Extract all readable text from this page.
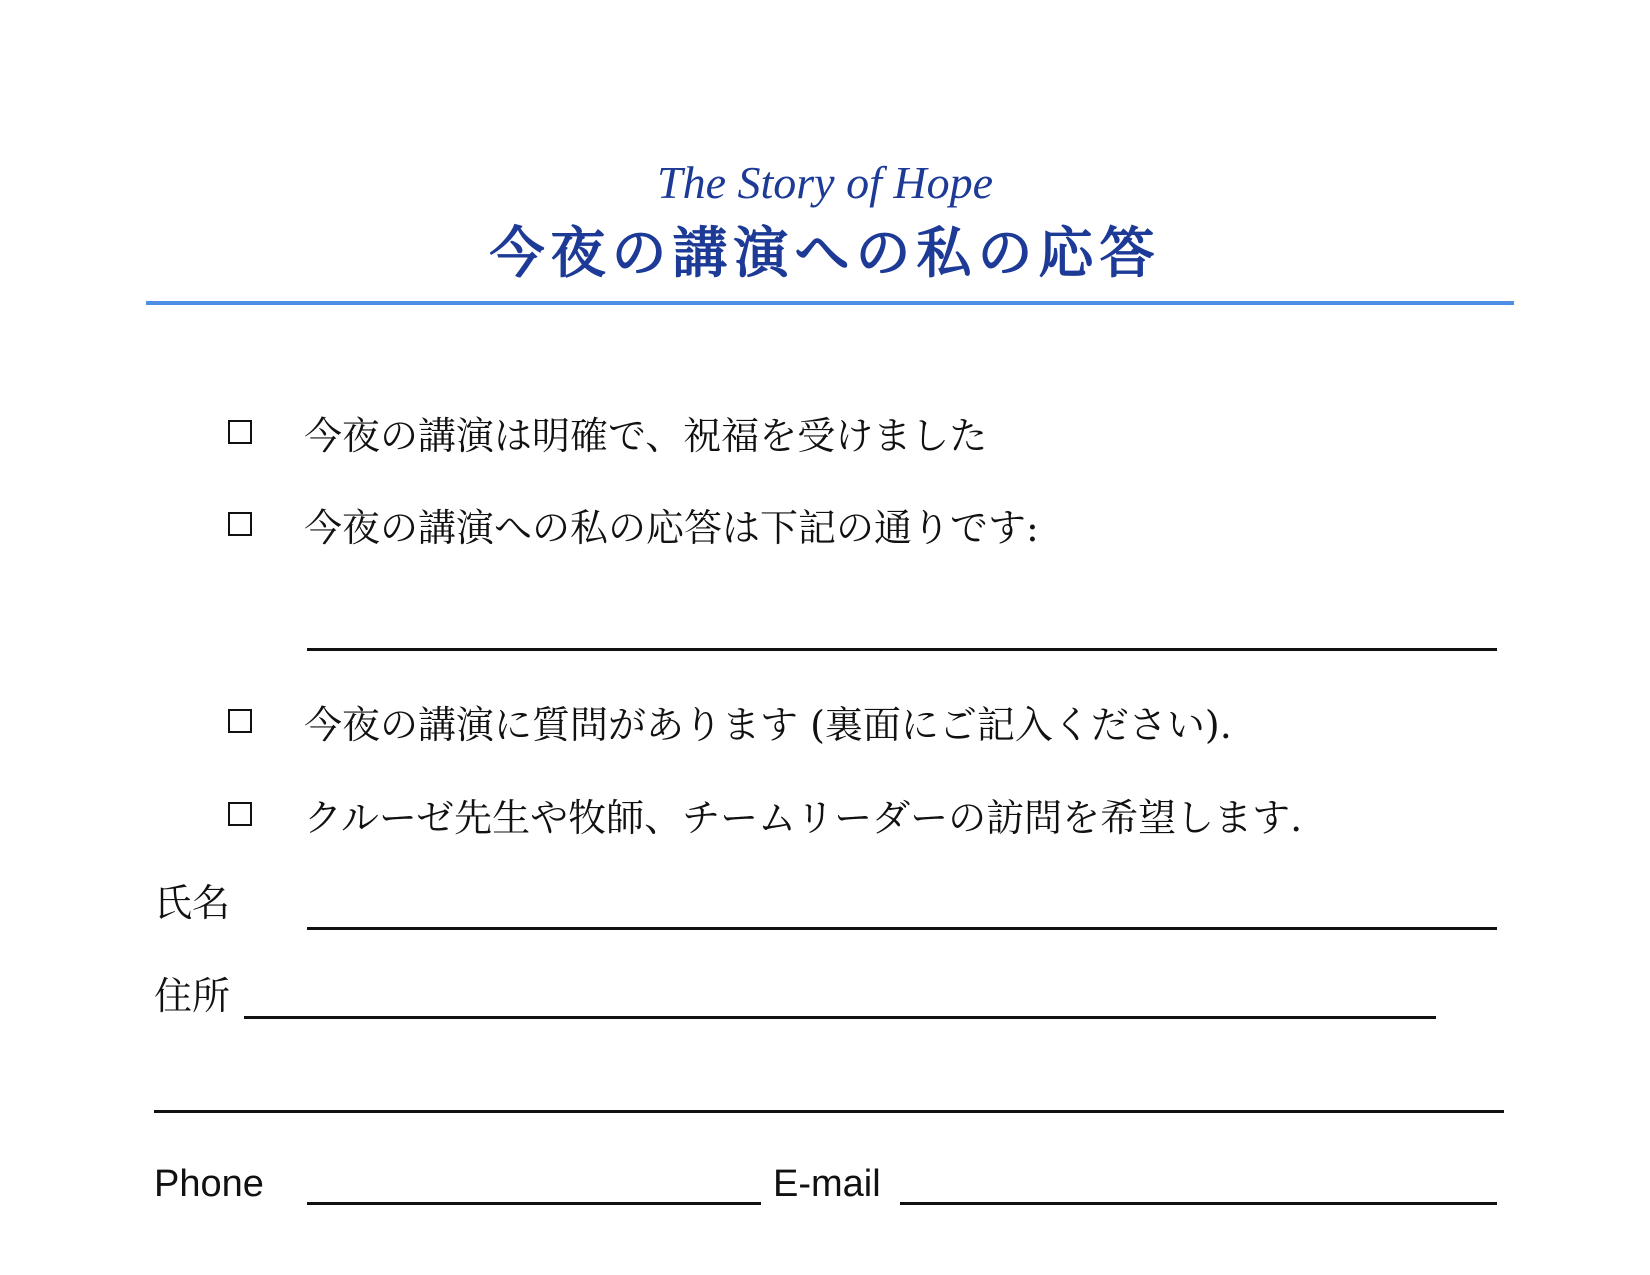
The Story of Hope
今夜の講演への私の応答
今夜の講演は明確で、祝福を受けました
今夜の講演への私の応答は下記の通りです:
今夜の講演に質問があります (裏面にご記入ください).
クルーゼ先生や牧師、チームリーダーの訪問を希望します.
氏名
住所
Phone	E-mail
